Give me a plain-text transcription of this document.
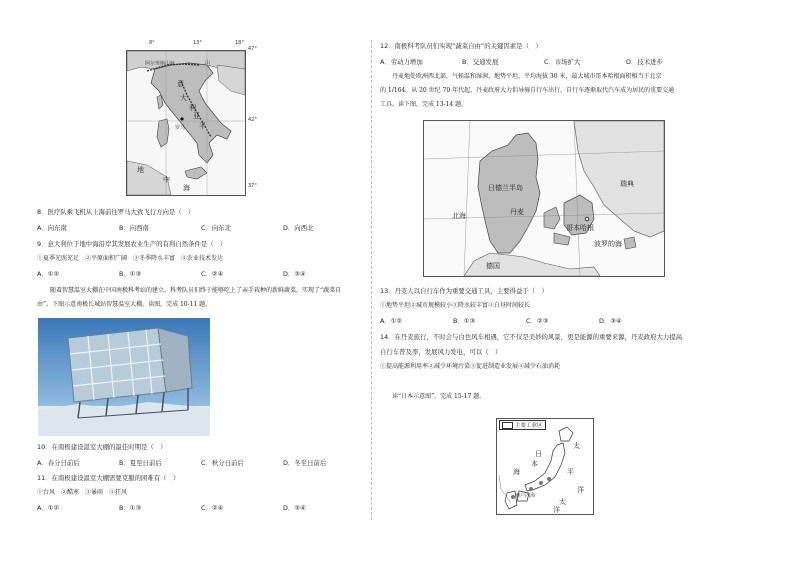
8°	13°	18°
47°
42°
37°
阿尔卑斯山脉	山
意
大
利
亚
平
罗马
地
中
海
8．医疗队乘飞机从上海前往罗马大致飞行方向是（　）
A．向东南	B．向西南	C．向东北	D．向西北
9．意大利位于地中海沿岸其发展农业生产的有利自然条件是（　）
①夏季光照充足　②平原面积广阔　③冬季降水丰富　④农业技术发达
A．①②	B．①③	C．②④	D．③④
随着智慧温室大棚在中国南极科考站的建立，科考队员们终于能够吃上了亲手栽种的新鲜蔬菜，实现了“蔬菜自
由”。下图示意南极长城站智慧温室大棚。读图，完成 10-11 题。
10．在南极建设温室大棚的最佳时期是（　）
A．春分日前后	B．夏至日前后	C．秋分日前后	D．冬至日前后
11．在南极建设温室大棚需要克服的困难有（　）
①台风　②酷寒　③暴雨　④狂风
A．①②	B．①③	C．②④	D．③④
12．南极科考队员们实现“蔬菜自由”的关键因素是（　）
A．劳动力增加	B．交通发展	C．市场扩大	D．技术进步
丹麦地处欧洲西北部，气候温和湿润，地势平坦，平均海拔 30 米，最大城市哥本哈根面积相当于北京
的 1/164。从 20 世纪 70 年代起，丹麦政府大力倡导骑自行车出行，自行车逐渐取代汽车成为居民的重要交通
工具。读下图，完成 13-14 题。
日德兰半岛
丹麦
哥本哈根
北海
瑞典
波罗的海
德国
13．丹麦人以自行车作为重要交通工具，主要得益于（　）
①地势平坦②城市规模较小③降水较丰富④白昼时间较长
A．①②	B．①③	C．②③	D．③④
14．在丹麦旅行，不时会与白色风车相遇，它不仅是美妙的风景，更是能源的重要来源，丹麦政府大力提高
自行车普及率，发展风力发电，可以（　）
①提高能源利用率②减少环境污染③促进制造业发展④减少石油消耗
读“日本示意图”，完成 15-17 题。
主要工业区
太
平
洋
太
洋
日
本
海
濑户内海
